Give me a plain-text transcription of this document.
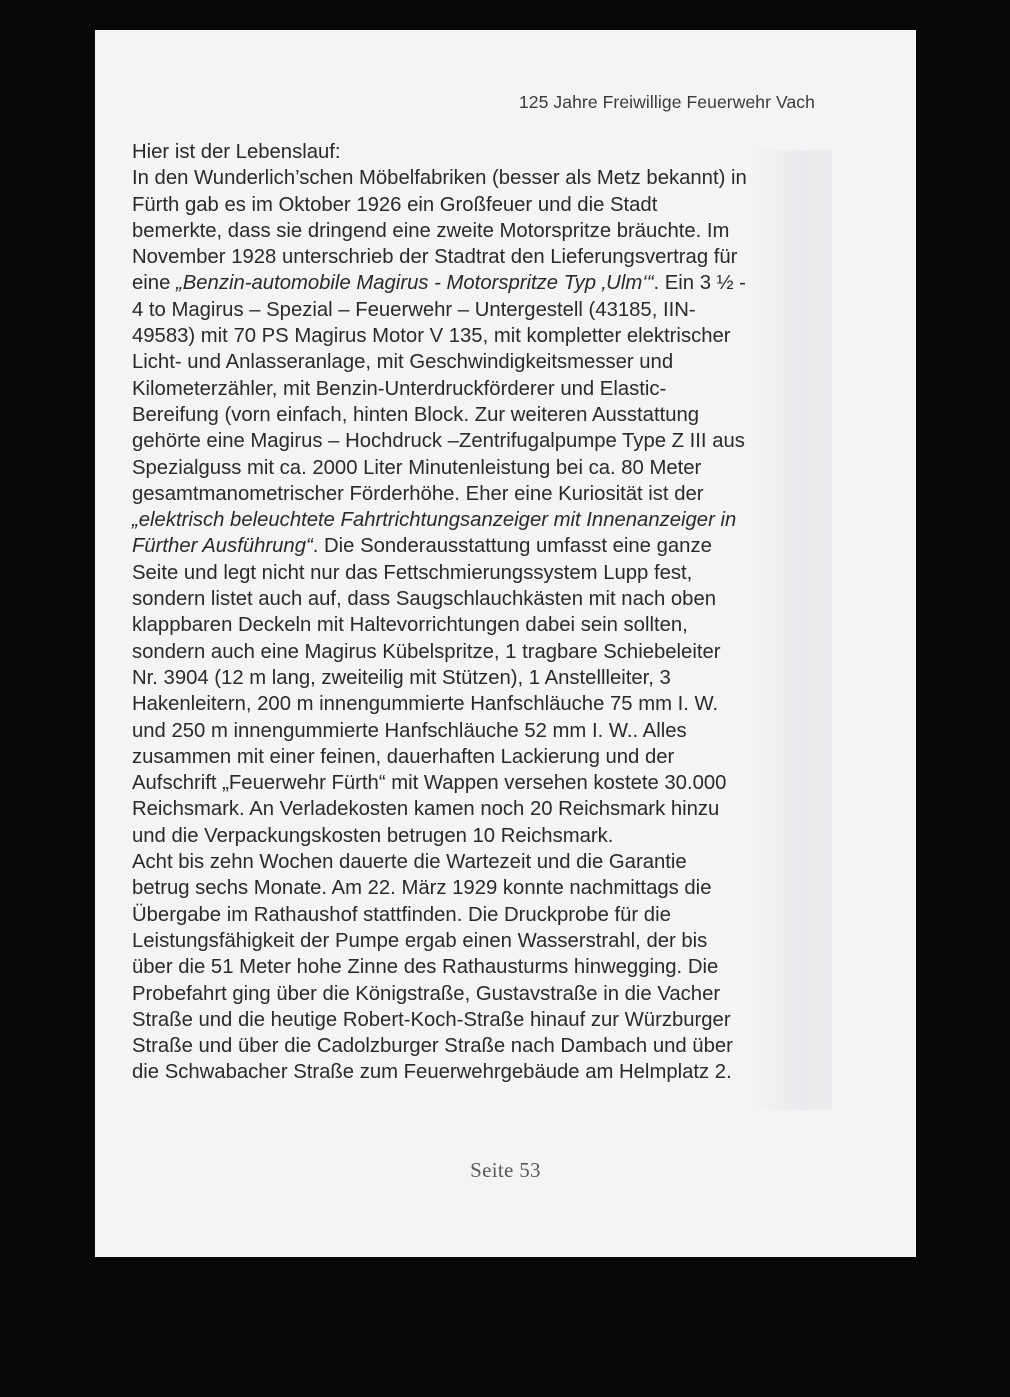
125 Jahre Freiwillige Feuerwehr Vach
Hier ist der Lebenslauf:
In den Wunderlich’schen Möbelfabriken (besser als Metz bekannt) in
Fürth gab es im Oktober 1926 ein Großfeuer und die Stadt
bemerkte, dass sie dringend eine zweite Motorspritze bräuchte. Im
November 1928 unterschrieb der Stadtrat den Lieferungsvertrag für
eine „Benzin-automobile Magirus - Motorspritze Typ ‚Ulm‘“. Ein 3 ½ -
4 to Magirus – Spezial – Feuerwehr – Untergestell (43185, IIN-
49583) mit 70 PS Magirus Motor V 135, mit kompletter elektrischer
Licht- und Anlasseranlage, mit Geschwindigkeitsmesser und
Kilometerzähler, mit Benzin-Unterdruckförderer und Elastic-
Bereifung (vorn einfach, hinten Block. Zur weiteren Ausstattung
gehörte eine Magirus – Hochdruck –Zentrifugalpumpe Type Z III aus
Spezialguss mit ca. 2000 Liter Minutenleistung bei ca. 80 Meter
gesamtmanometrischer Förderhöhe. Eher eine Kuriosität ist der
„elektrisch beleuchtete Fahrtrichtungsanzeiger mit Innenanzeiger in
Fürther Ausführung“. Die Sonderausstattung umfasst eine ganze
Seite und legt nicht nur das Fettschmierungssystem Lupp fest,
sondern listet auch auf, dass Saugschlauchkästen mit nach oben
klappbaren Deckeln mit Haltevorrichtungen dabei sein sollten,
sondern auch eine Magirus Kübelspritze, 1 tragbare Schiebeleiter
Nr. 3904 (12 m lang, zweiteilig mit Stützen), 1 Anstellleiter, 3
Hakenleitern, 200 m innengummierte Hanfschläuche 75 mm I. W.
und 250 m innengummierte Hanfschläuche 52 mm I. W.. Alles
zusammen mit einer feinen, dauerhaften Lackierung und der
Aufschrift „Feuerwehr Fürth“ mit Wappen versehen kostete 30.000
Reichsmark. An Verladekosten kamen noch 20 Reichsmark hinzu
und die Verpackungskosten betrugen 10 Reichsmark.
Acht bis zehn Wochen dauerte die Wartezeit und die Garantie
betrug sechs Monate. Am 22. März 1929 konnte nachmittags die
Übergabe im Rathaushof stattfinden. Die Druckprobe für die
Leistungsfähigkeit der Pumpe ergab einen Wasserstrahl, der bis
über die 51 Meter hohe Zinne des Rathausturms hinwegging. Die
Probefahrt ging über die Königstraße, Gustavstraße in die Vacher
Straße und die heutige Robert-Koch-Straße hinauf zur Würzburger
Straße und über die Cadolzburger Straße nach Dambach und über
die Schwabacher Straße zum Feuerwehrgebäude am Helmplatz 2.
Seite 53
